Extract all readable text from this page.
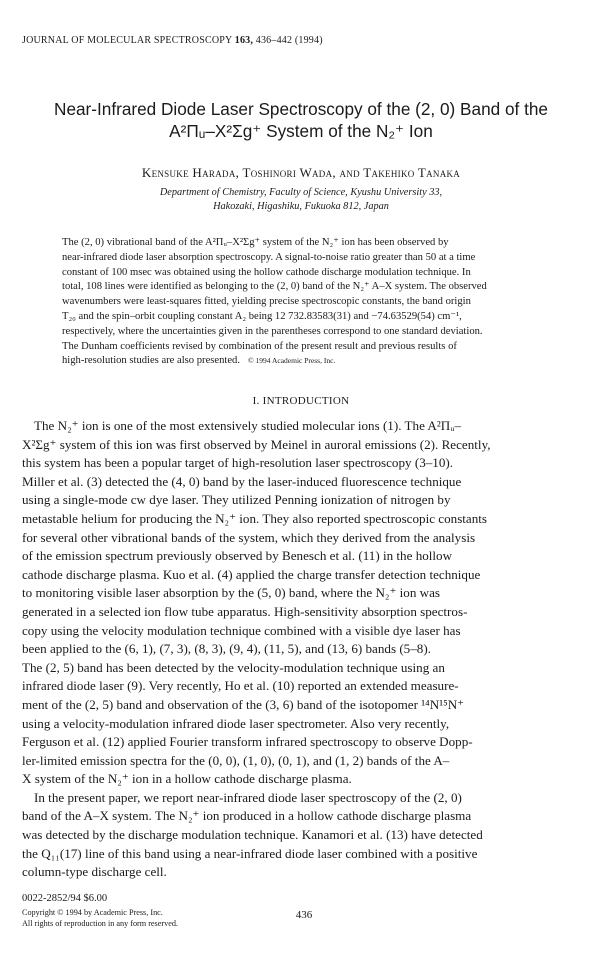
JOURNAL OF MOLECULAR SPECTROSCOPY 163, 436–442 (1994)
Near-Infrared Diode Laser Spectroscopy of the (2, 0) Band of the
A²Πᵤ–X²Σg⁺ System of the N₂⁺ Ion
Kensuke Harada, Toshinori Wada, and Takehiko Tanaka
Department of Chemistry, Faculty of Science, Kyushu University 33,
Hakozaki, Higashiku, Fukuoka 812, Japan
The (2, 0) vibrational band of the A²Πᵤ–X²Σg⁺ system of the N₂⁺ ion has been observed by
near-infrared diode laser absorption spectroscopy. A signal-to-noise ratio greater than 50 at a time
constant of 100 msec was obtained using the hollow cathode discharge modulation technique. In
total, 108 lines were identified as belonging to the (2, 0) band of the N₂⁺ A–X system. The observed
wavenumbers were least-squares fitted, yielding precise spectroscopic constants, the band origin
T₂₀ and the spin–orbit coupling constant A₂ being 12 732.83583(31) and −74.63529(54) cm⁻¹,
respectively, where the uncertainties given in the parentheses correspond to one standard deviation.
The Dunham coefficients revised by combination of the present result and previous results of
high-resolution studies are also presented. © 1994 Academic Press, Inc.
I. INTRODUCTION
The N₂⁺ ion is one of the most extensively studied molecular ions (1). The A²Πᵤ–
X²Σg⁺ system of this ion was first observed by Meinel in auroral emissions (2). Recently,
this system has been a popular target of high-resolution laser spectroscopy (3–10).
Miller et al. (3) detected the (4, 0) band by the laser-induced fluorescence technique
using a single-mode cw dye laser. They utilized Penning ionization of nitrogen by
metastable helium for producing the N₂⁺ ion. They also reported spectroscopic constants
for several other vibrational bands of the system, which they derived from the analysis
of the emission spectrum previously observed by Benesch et al. (11) in the hollow
cathode discharge plasma. Kuo et al. (4) applied the charge transfer detection technique
to monitoring visible laser absorption by the (5, 0) band, where the N₂⁺ ion was
generated in a selected ion flow tube apparatus. High-sensitivity absorption spectros-
copy using the velocity modulation technique combined with a visible dye laser has
been applied to the (6, 1), (7, 3), (8, 3), (9, 4), (11, 5), and (13, 6) bands (5–8).
The (2, 5) band has been detected by the velocity-modulation technique using an
infrared diode laser (9). Very recently, Ho et al. (10) reported an extended measure-
ment of the (2, 5) band and observation of the (3, 6) band of the isotopomer ¹⁴N¹⁵N⁺
using a velocity-modulation infrared diode laser spectrometer. Also very recently,
Ferguson et al. (12) applied Fourier transform infrared spectroscopy to observe Dopp-
ler-limited emission spectra for the (0, 0), (1, 0), (0, 1), and (1, 2) bands of the A–
X system of the N₂⁺ ion in a hollow cathode discharge plasma.
In the present paper, we report near-infrared diode laser spectroscopy of the (2, 0)
band of the A–X system. The N₂⁺ ion produced in a hollow cathode discharge plasma
was detected by the discharge modulation technique. Kanamori et al. (13) have detected
the Q₁₁(17) line of this band using a near-infrared diode laser combined with a positive
column-type discharge cell.
0022-2852/94 $6.00
Copyright © 1994 by Academic Press, Inc.
All rights of reproduction in any form reserved.
436
